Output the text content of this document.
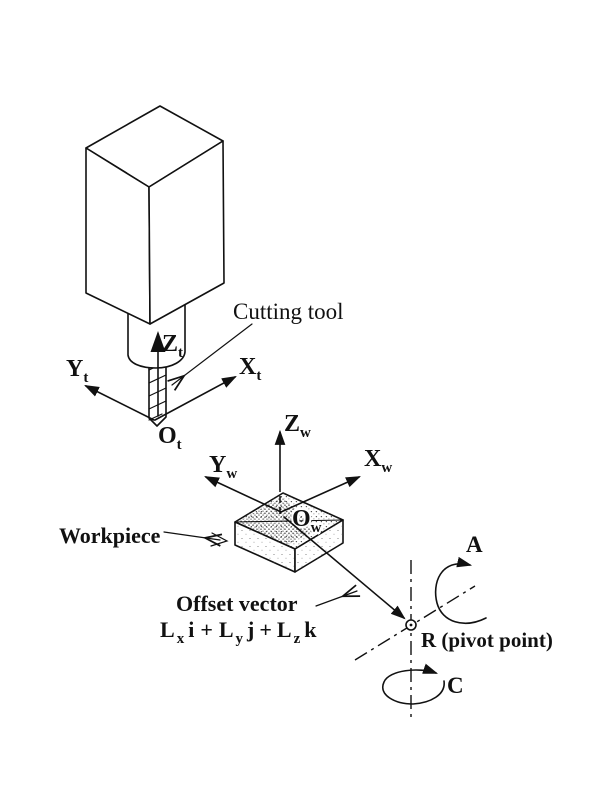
$Z_t$
$Y_t$	$X_t$
$O_t$
Cutting tool
Workpiece
$Z_w$
$Y_w$
$X_w$
$O_w$
A
C
R (pivot point)
Offset vector
L $_x$ i + L $_y$ j + L $_z$ k
